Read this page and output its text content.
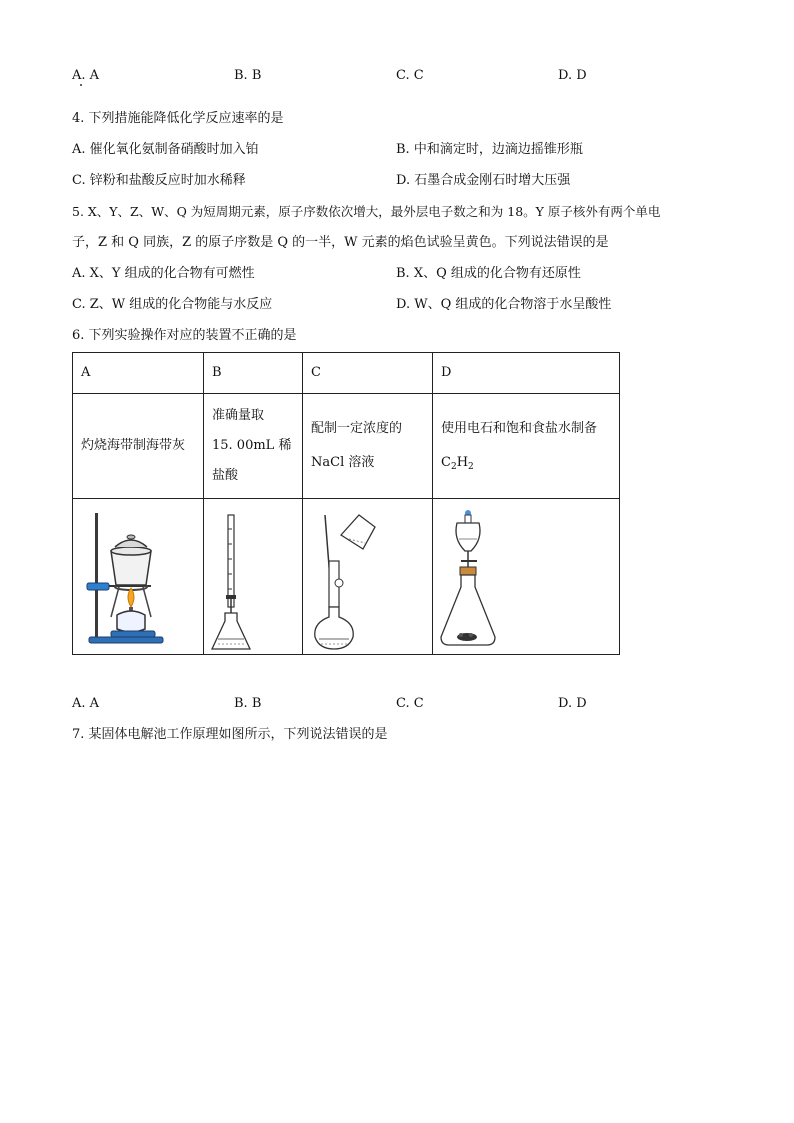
A. A	B. B	C. C	D. D
4. 下列措施能降低化学反应速率的是
A. 催化氧化氨制备硝酸时加入铂	B. 中和滴定时，边滴边摇锥形瓶
C. 锌粉和盐酸反应时加水稀释	D. 石墨合成金刚石时增大压强
5. X、Y、Z、W、Q 为短周期元素，原子序数依次增大，最外层电子数之和为 18。Y 原子核外有两个单电
子，Z 和 Q 同族，Z 的原子序数是 Q 的一半，W 元素的焰色试验呈黄色。下列说法错误的是
A. X、Y 组成的化合物有可燃性	B. X、Q 组成的化合物有还原性
C. Z、W 组成的化合物能与水反应	D. W、Q 组成的化合物溶于水呈酸性
6. 下列实验操作对应的装置不正确的是
A	B	C	D

灼烧海带制海带灰	准确量取
15. 00mL 稀
盐酸	配制一定浓度的
NaCl 溶液	使用电石和饱和食盐水制备
$C_2H_2$

A. A	B. B	C. C	D. D
7. 某固体电解池工作原理如图所示，下列说法错误的是
